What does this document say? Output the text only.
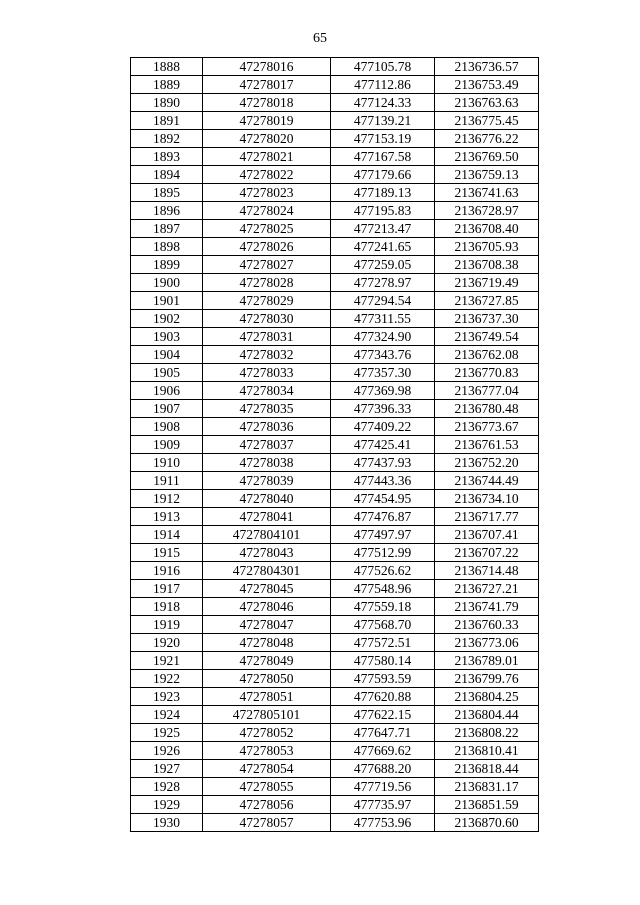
65
1888	47278016	477105.78	2136736.57
1889	47278017	477112.86	2136753.49
1890	47278018	477124.33	2136763.63
1891	47278019	477139.21	2136775.45
1892	47278020	477153.19	2136776.22
1893	47278021	477167.58	2136769.50
1894	47278022	477179.66	2136759.13
1895	47278023	477189.13	2136741.63
1896	47278024	477195.83	2136728.97
1897	47278025	477213.47	2136708.40
1898	47278026	477241.65	2136705.93
1899	47278027	477259.05	2136708.38
1900	47278028	477278.97	2136719.49
1901	47278029	477294.54	2136727.85
1902	47278030	477311.55	2136737.30
1903	47278031	477324.90	2136749.54
1904	47278032	477343.76	2136762.08
1905	47278033	477357.30	2136770.83
1906	47278034	477369.98	2136777.04
1907	47278035	477396.33	2136780.48
1908	47278036	477409.22	2136773.67
1909	47278037	477425.41	2136761.53
1910	47278038	477437.93	2136752.20
1911	47278039	477443.36	2136744.49
1912	47278040	477454.95	2136734.10
1913	47278041	477476.87	2136717.77
1914	4727804101	477497.97	2136707.41
1915	47278043	477512.99	2136707.22
1916	4727804301	477526.62	2136714.48
1917	47278045	477548.96	2136727.21
1918	47278046	477559.18	2136741.79
1919	47278047	477568.70	2136760.33
1920	47278048	477572.51	2136773.06
1921	47278049	477580.14	2136789.01
1922	47278050	477593.59	2136799.76
1923	47278051	477620.88	2136804.25
1924	4727805101	477622.15	2136804.44
1925	47278052	477647.71	2136808.22
1926	47278053	477669.62	2136810.41
1927	47278054	477688.20	2136818.44
1928	47278055	477719.56	2136831.17
1929	47278056	477735.97	2136851.59
1930	47278057	477753.96	2136870.60
